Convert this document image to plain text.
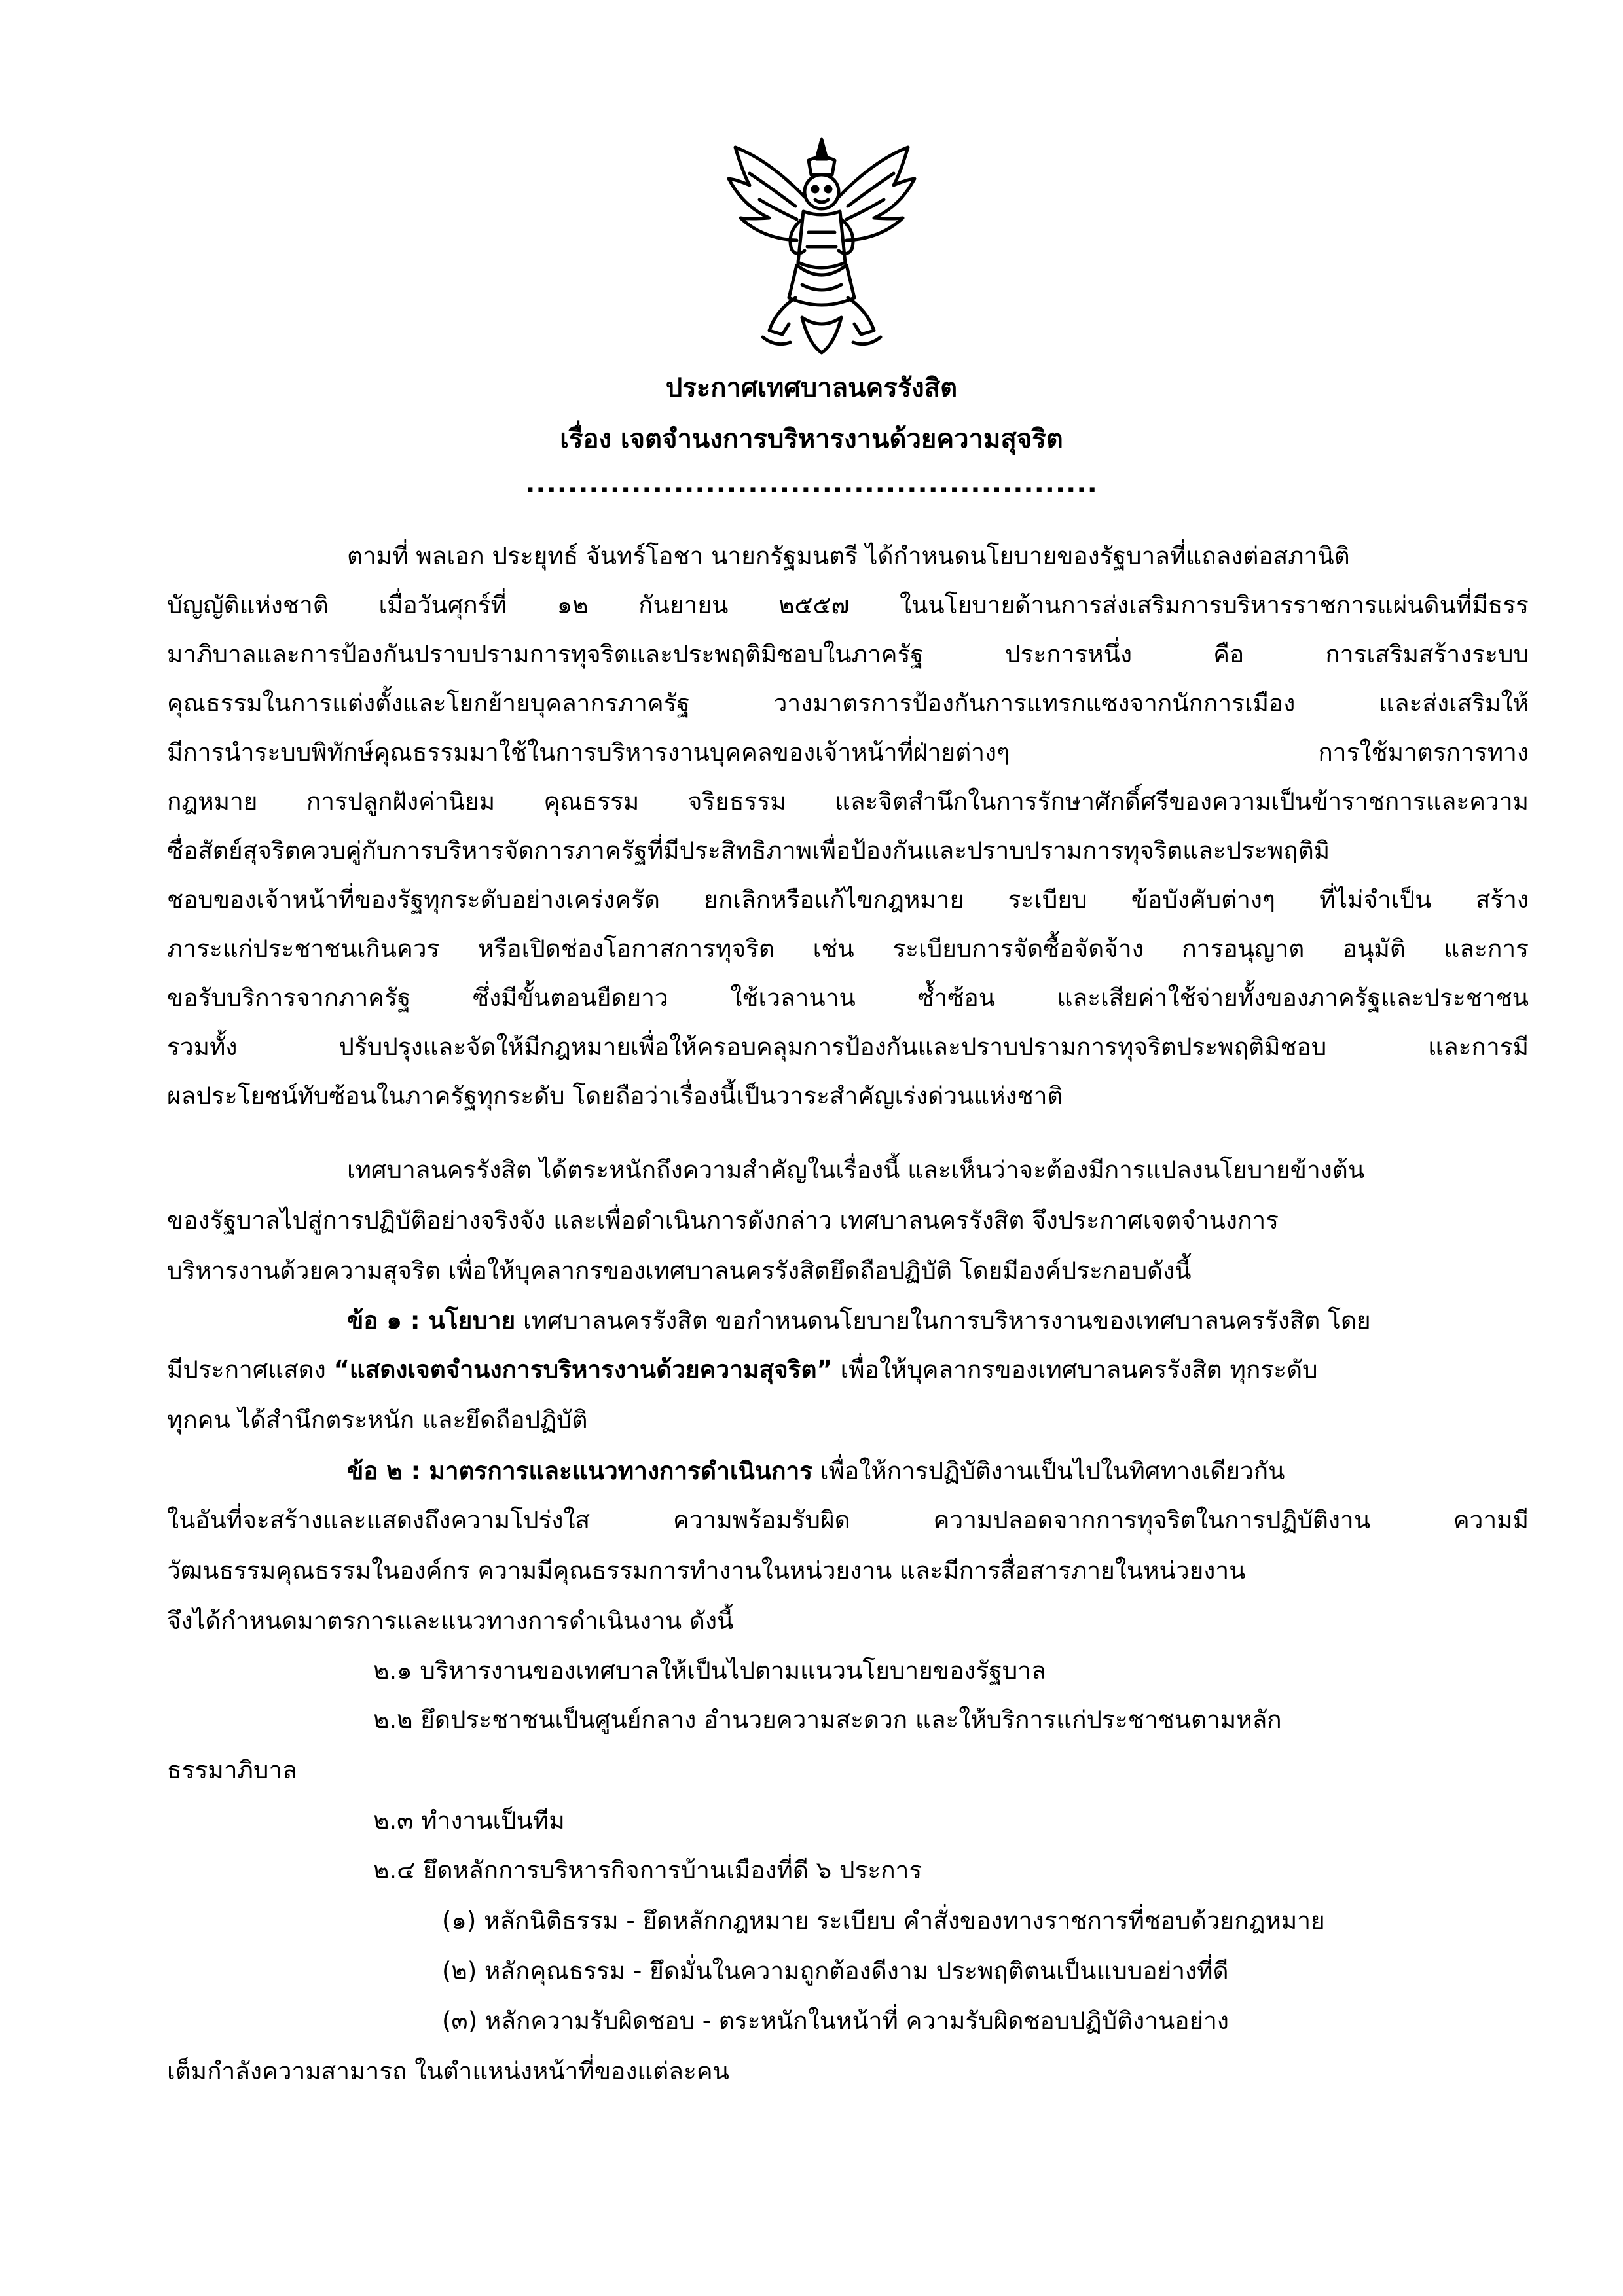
ประกาศเทศบาลนครรังสิต
เรื่อง เจตจำนงการบริหารงานด้วยความสุจริต
......................................................
ตามที่ พลเอก ประยุทธ์ จันทร์โอชา นายกรัฐมนตรี ได้กำหนดนโยบายของรัฐบาลที่แถลงต่อสภานิติ
บัญญัติแห่งชาติ เมื่อวันศุกร์ที่ ๑๒ กันยายน ๒๕๕๗ ในนโยบายด้านการส่งเสริมการบริหารราชการแผ่นดินที่มีธรร
มาภิบาลและการป้องกันปราบปรามการทุจริตและประพฤติมิชอบในภาครัฐ ประการหนึ่ง คือ การเสริมสร้างระบบ
คุณธรรมในการแต่งตั้งและโยกย้ายบุคลากรภาครัฐ วางมาตรการป้องกันการแทรกแซงจากนักการเมือง และส่งเสริมให้
มีการนำระบบพิทักษ์คุณธรรมมาใช้ในการบริหารงานบุคคลของเจ้าหน้าที่ฝ่ายต่างๆ การใช้มาตรการทาง
กฎหมาย การปลูกฝังค่านิยม คุณธรรม จริยธรรม และจิตสำนึกในการรักษาศักดิ์ศรีของความเป็นข้าราชการและความ
ซื่อสัตย์สุจริตควบคู่กับการบริหารจัดการภาครัฐที่มีประสิทธิภาพเพื่อป้องกันและปราบปรามการทุจริตและประพฤติมิ
ชอบของเจ้าหน้าที่ของรัฐทุกระดับอย่างเคร่งครัด ยกเลิกหรือแก้ไขกฎหมาย ระเบียบ ข้อบังคับต่างๆ ที่ไม่จำเป็น สร้าง
ภาระแก่ประชาชนเกินควร หรือเปิดช่องโอกาสการทุจริต เช่น ระเบียบการจัดซื้อจัดจ้าง การอนุญาต อนุมัติ และการ
ขอรับบริการจากภาครัฐ ซึ่งมีขั้นตอนยืดยาว ใช้เวลานาน ซ้ำซ้อน และเสียค่าใช้จ่ายทั้งของภาครัฐและประชาชน
รวมทั้ง ปรับปรุงและจัดให้มีกฎหมายเพื่อให้ครอบคลุมการป้องกันและปราบปรามการทุจริตประพฤติมิชอบ และการมี
ผลประโยชน์ทับซ้อนในภาครัฐทุกระดับ โดยถือว่าเรื่องนี้เป็นวาระสำคัญเร่งด่วนแห่งชาติ
เทศบาลนครรังสิต ได้ตระหนักถึงความสำคัญในเรื่องนี้ และเห็นว่าจะต้องมีการแปลงนโยบายข้างต้น
ของรัฐบาลไปสู่การปฏิบัติอย่างจริงจัง และเพื่อดำเนินการดังกล่าว เทศบาลนครรังสิต จึงประกาศเจตจำนงการ
บริหารงานด้วยความสุจริต เพื่อให้บุคลากรของเทศบาลนครรังสิตยึดถือปฏิบัติ โดยมีองค์ประกอบดังนี้
ข้อ ๑ : นโยบาย เทศบาลนครรังสิต ขอกำหนดนโยบายในการบริหารงานของเทศบาลนครรังสิต โดย
มีประกาศแสดง “แสดงเจตจำนงการบริหารงานด้วยความสุจริต” เพื่อให้บุคลากรของเทศบาลนครรังสิต ทุกระดับ
ทุกคน ได้สำนึกตระหนัก และยึดถือปฏิบัติ
ข้อ ๒ : มาตรการและแนวทางการดำเนินการ เพื่อให้การปฏิบัติงานเป็นไปในทิศทางเดียวกัน
ในอันที่จะสร้างและแสดงถึงความโปร่งใส ความพร้อมรับผิด ความปลอดจากการทุจริตในการปฏิบัติงาน ความมี
วัฒนธรรมคุณธรรมในองค์กร ความมีคุณธรรมการทำงานในหน่วยงาน และมีการสื่อสารภายในหน่วยงาน
จึงได้กำหนดมาตรการและแนวทางการดำเนินงาน ดังนี้
๒.๑ บริหารงานของเทศบาลให้เป็นไปตามแนวนโยบายของรัฐบาล
๒.๒ ยึดประชาชนเป็นศูนย์กลาง อำนวยความสะดวก และให้บริการแก่ประชาชนตามหลัก
ธรรมาภิบาล
๒.๓ ทำงานเป็นทีม
๒.๔ ยึดหลักการบริหารกิจการบ้านเมืองที่ดี ๖ ประการ
(๑) หลักนิติธรรม - ยึดหลักกฎหมาย ระเบียบ คำสั่งของทางราชการที่ชอบด้วยกฎหมาย
(๒) หลักคุณธรรม - ยึดมั่นในความถูกต้องดีงาม ประพฤติตนเป็นแบบอย่างที่ดี
(๓) หลักความรับผิดชอบ - ตระหนักในหน้าที่ ความรับผิดชอบปฏิบัติงานอย่าง
เต็มกำลังความสามารถ ในตำแหน่งหน้าที่ของแต่ละคน
